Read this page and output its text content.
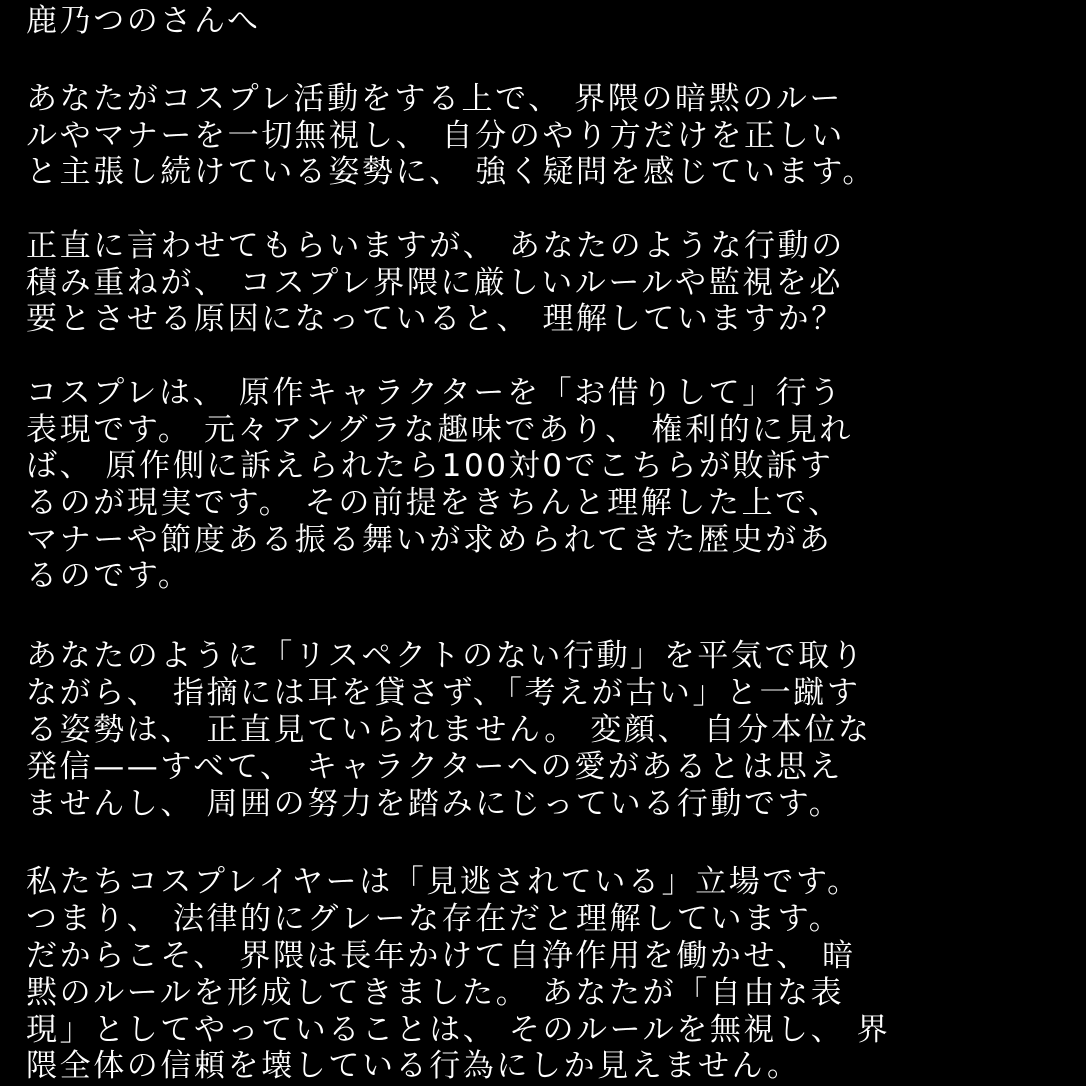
鹿乃つのさんへ
あなたがコスプレ活動をする上で、 界隈の暗黙のルー
ルやマナーを一切無視し、 自分のやり方だけを正しい
と主張し続けている姿勢に、 強く疑問を感じています。
正直に言わせてもらいますが、 あなたのような行動の
積み重ねが、 コスプレ界隈に厳しいルールや監視を必
要とさせる原因になっていると、 理解していますか？
コスプレは、 原作キャラクターを「お借りして」行う
表現です。 元々アングラな趣味であり、 権利的に見れ
ば、 原作側に訴えられたら100対0でこちらが敗訴す
るのが現実です。 その前提をきちんと理解した上で、
マナーや節度ある振る舞いが求められてきた歴史があ
るのです。
あなたのように「リスペクトのない行動」を平気で取り
ながら、 指摘には耳を貸さず、「考えが古い」と一蹴す
る姿勢は、 正直見ていられません。 変顔、 自分本位な
発信——すべて、 キャラクターへの愛があるとは思え
ませんし、 周囲の努力を踏みにじっている行動です。
私たちコスプレイヤーは「見逃されている」立場です。
つまり、 法律的にグレーな存在だと理解しています。
だからこそ、 界隈は長年かけて自浄作用を働かせ、 暗
黙のルールを形成してきました。 あなたが「自由な表
現」としてやっていることは、 そのルールを無視し、 界
隈全体の信頼を壊している行為にしか見えません。
